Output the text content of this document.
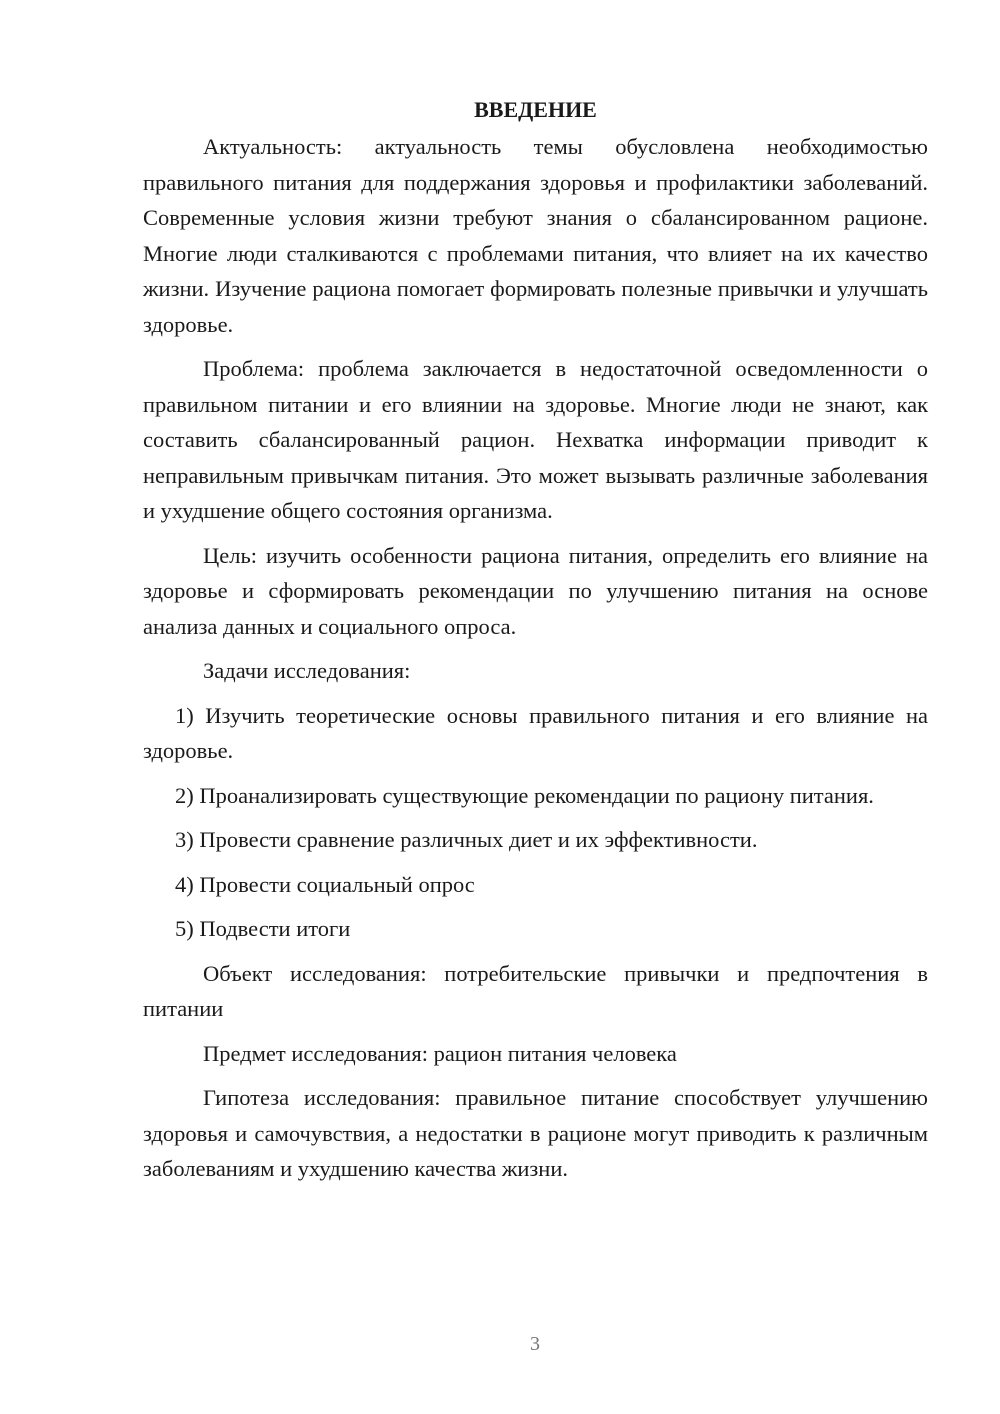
ВВЕДЕНИЕ

Актуальность: актуальность темы обусловлена необходимостью правильного питания для поддержания здоровья и профилактики заболеваний. Современные условия жизни требуют знания о сбалансированном рационе. Многие люди сталкиваются с проблемами питания, что влияет на их качество жизни. Изучение рациона помогает формировать полезные привычки и улучшать здоровье.

Проблема: проблема заключается в недостаточной осведомленности о правильном питании и его влиянии на здоровье. Многие люди не знают, как составить сбалансированный рацион. Нехватка информации приводит к неправильным привычкам питания. Это может вызывать различные заболевания и ухудшение общего состояния организма.

Цель: изучить особенности рациона питания, определить его влияние на здоровье и сформировать рекомендации по улучшению питания на основе анализа данных и социального опроса.

Задачи исследования:

1) Изучить теоретические основы правильного питания и его влияние на здоровье.

2) Проанализировать существующие рекомендации по рациону питания.

3) Провести сравнение различных диет и их эффективности.

4) Провести социальный опрос

5) Подвести итоги

Объект исследования: потребительские привычки и предпочтения в питании

Предмет исследования: рацион питания человека

Гипотеза исследования: правильное питание способствует улучшению здоровья и самочувствия, а недостатки в рационе могут приводить к различным заболеваниям и ухудшению качества жизни.

3
